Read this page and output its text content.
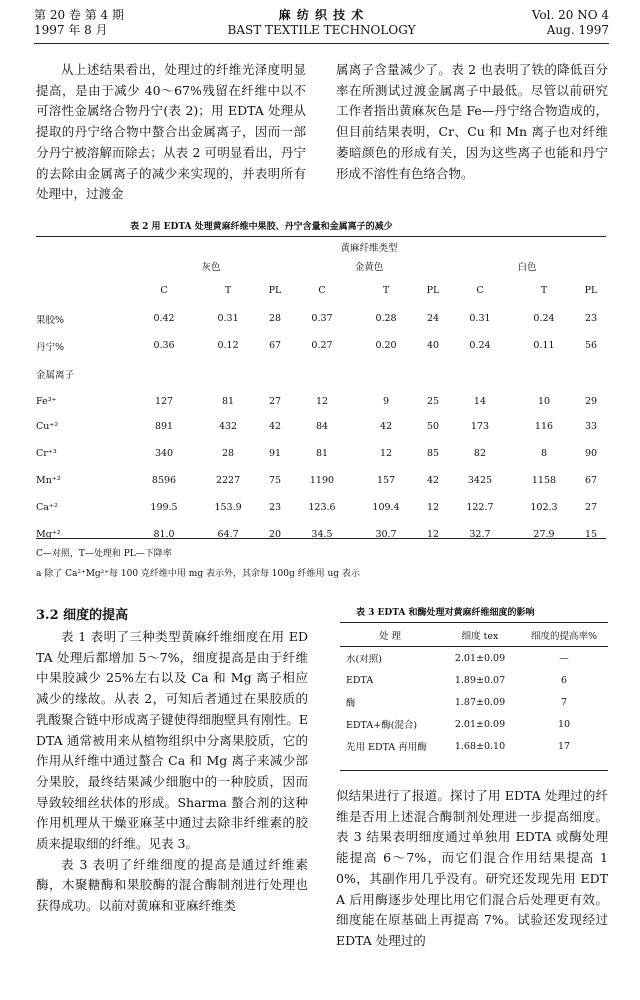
第 20 卷 第 4 期
1997 年 8 月
麻 纺 织 技 术
BAST TEXTILE TECHNOLOGY
Vol. 20 NO 4
Aug. 1997

从上述结果看出，处理过的纤维光泽度明显提高，是由于减少 40～67%残留在纤维中以不可溶性金属络合物丹宁(表 2)；用 EDTA 处理从提取的丹宁络合物中螯合出金属离子，因而一部分丹宁被溶解而除去；从表 2 可明显看出，丹宁的去除由金属离子的减少来实现的，并表明所有处理中，过渡金

属离子含量减少了。表 2 也表明了铁的降低百分率在所测试过渡金属离子中最低。尽管以前研究工作者指出黄麻灰色是 Fe—丹宁络合物造成的，但目前结果表明，Cr、Cu 和 Mn 离子也对纤维萎暗颜色的形成有关，因为这些离子也能和丹宁形成不溶性有色络合物。

表 2 用 EDTA 处理黄麻纤维中果胶、丹宁含量和金属离子的减少
	黄麻纤维类型								
	灰色			金黄色			白色		
	C	T	PL	C	T	PL	C	T	PL
果胶%	0.42	0.31	28	0.37	0.28	24	0.31	0.24	23
丹宁%	0.36	0.12	67	0.27	0.20	40	0.24	0.11	56
金属离子									
Fe³⁺	127	81	27	12	9	25	14	10	29
Cu⁺²	891	432	42	84	42	50	173	116	33
Cr⁺³	340	28	91	81	12	85	82	8	90
Mn⁺²	8596	2227	75	1190	157	42	3425	1158	67
Ca⁺²	199.5	153.9	23	123.6	109.4	12	122.7	102.3	27
Mg⁺²	81.0	64.7	20	34.5	30.7	12	32.7	27.9	15
C—对照，T—处理和 PL—下降率
a 除了 Ca²⁺Mg²⁺每 100 克纤维中用 mg 表示外，其余每 100g 纤维用 ug 表示
3.2 细度的提高

表 1 表明了三种类型黄麻纤维细度在用 EDTA 处理后都增加 5～7%，细度提高是由于纤维中果胶减少 25%左右以及 Ca 和 Mg 离子相应减少的缘故。从表 2，可知后者通过在果胶质的乳酸聚合链中形成离子键使得细胞壁具有刚性。EDTA 通常被用来从植物组织中分离果胶质，它的作用从纤维中通过螯合 Ca 和 Mg 离子来减少部分果胶，最终结果减少细胞中的一种胶质，因而导致较细丝状体的形成。Sharma 螯合剂的这种作用机理从干燥亚麻茎中通过去除非纤维素的胶质来提取细的纤维。见表 3。

表 3 表明了纤维细度的提高是通过纤维素酶，木聚糖酶和果胶酶的混合酶制剂进行处理也获得成功。以前对黄麻和亚麻纤维类

表 3 EDTA 和酶处理对黄麻纤维细度的影响
处 理	细度 tex	细度的提高率%
水(对照)	2.01±0.09	—
EDTA	1.89±0.07	6
酶	1.87±0.09	7
EDTA+酶(混合)	2.01±0.09	10
先用 EDTA 再用酶	1.68±0.10	17

似结果进行了报道。探讨了用 EDTA 处理过的纤维是否用上述混合酶制剂处理进一步提高细度。表 3 结果表明细度通过单独用 EDTA 或酶处理能提高 6～7%，而它们混合作用结果提高 10%，其副作用几乎没有。研究还发现先用 EDTA 后用酶逐步处理比用它们混合后处理更有效。细度能在原基础上再提高 7%。试验还发现经过 EDTA 处理过的
